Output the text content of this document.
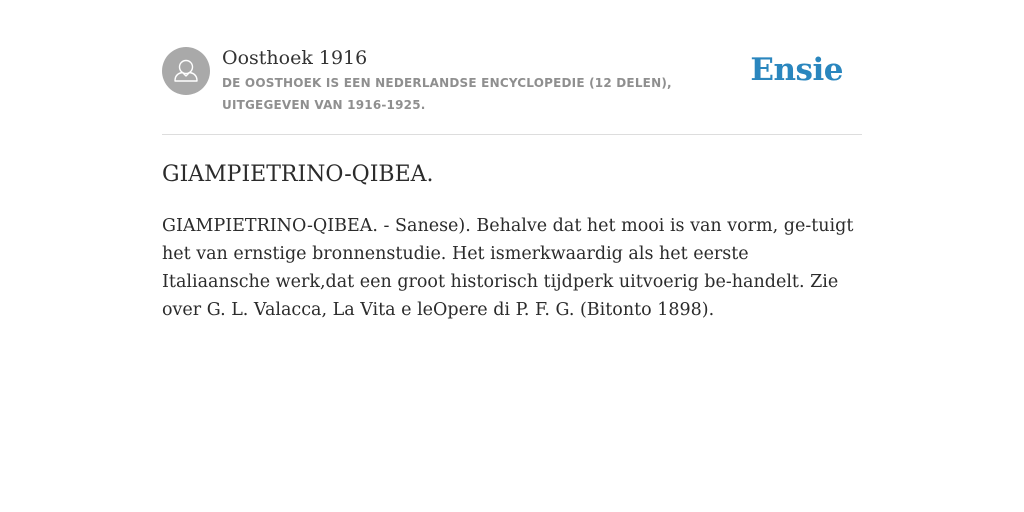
Oosthoek 1916
DE OOSTHOEK IS EEN NEDERLANDSE ENCYCLOPEDIE (12 DELEN), UITGEGEVEN VAN 1916-1925.
Ensie
GIAMPIETRINO-QIBEA.

GIAMPIETRINO-QIBEA. - Sanese). Behalve dat het mooi is van vorm, ge-tuigt het van ernstige bronnenstudie. Het ismerkwaardig als het eerste Italiaansche werk,dat een groot historisch tijdperk uitvoerig be-handelt. Zie over G. L. Valacca, La Vita e leOpere di P. F. G. (Bitonto 1898).
